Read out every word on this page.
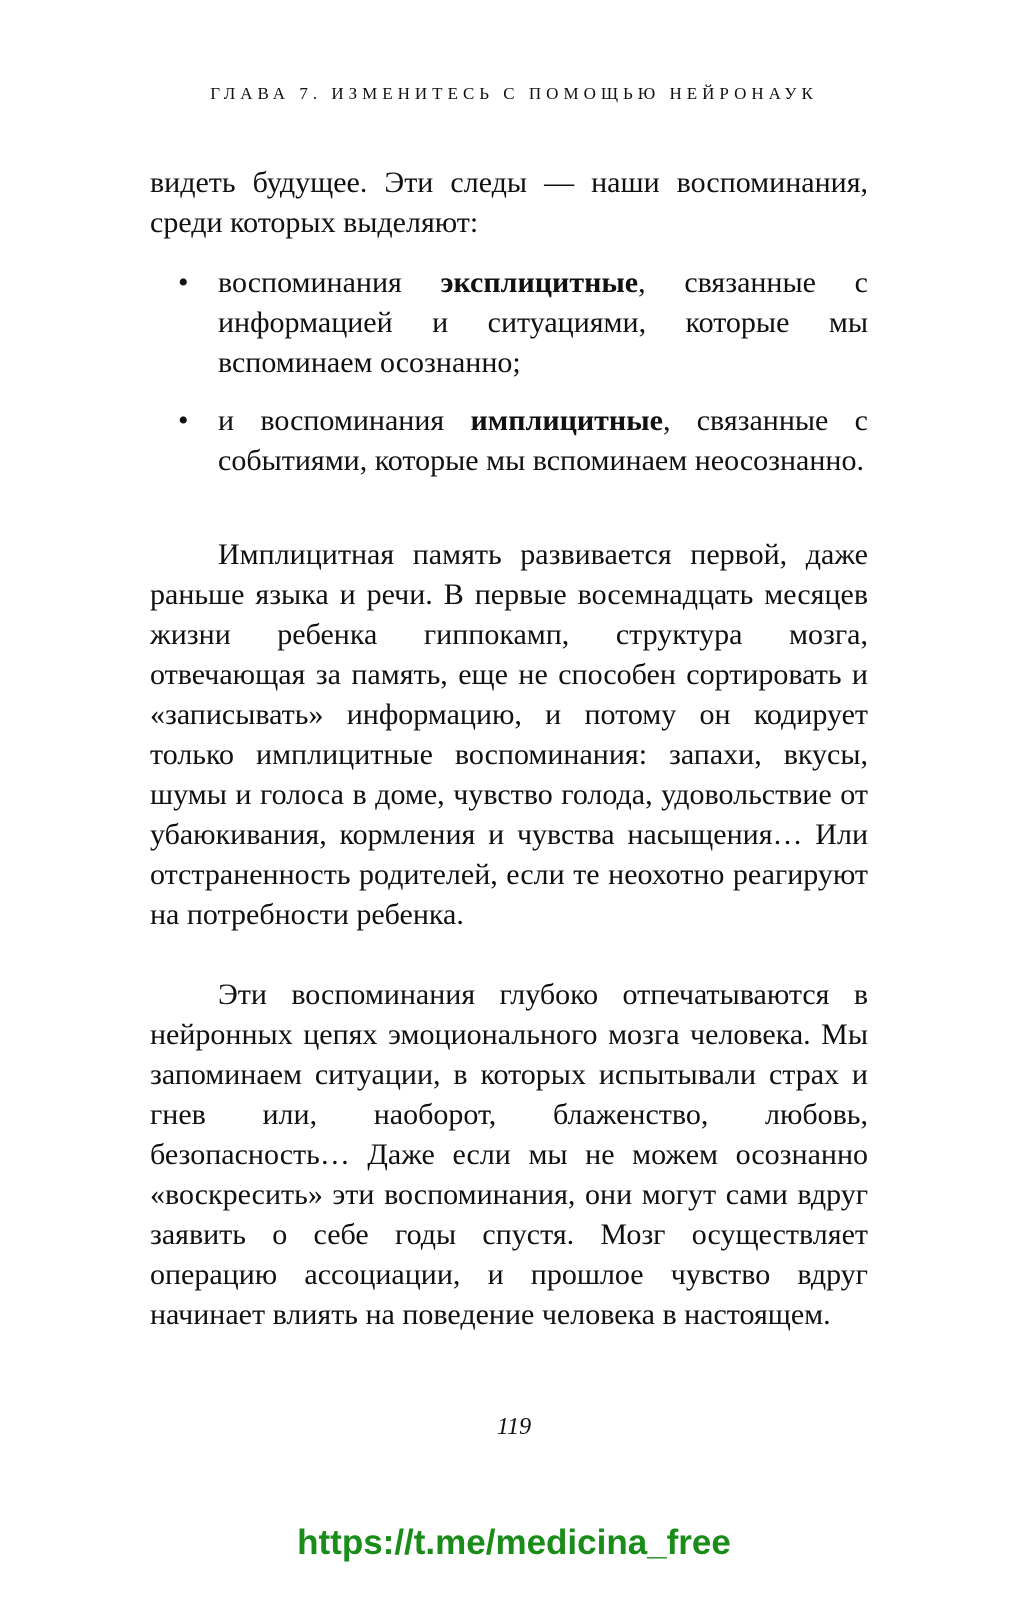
ГЛАВА 7. ИЗМЕНИТЕСЬ С ПОМОЩЬЮ НЕЙРОНАУК

видеть будущее. Эти следы — наши воспоминания, среди которых выделяют:

• воспоминания эксплицитные, связанные с информацией и ситуациями, которые мы вспоминаем осознанно;
• и воспоминания имплицитные, связанные с событиями, которые мы вспоминаем неосознанно.

Имплицитная память развивается первой, даже раньше языка и речи. В первые восемнадцать месяцев жизни ребенка гиппокамп, структура мозга, отвечающая за память, еще не способен сортировать и «записывать» информацию, и потому он кодирует только имплицитные воспоминания: запахи, вкусы, шумы и голоса в доме, чувство голода, удовольствие от убаюкивания, кормления и чувства насыщения… Или отстраненность родителей, если те неохотно реагируют на потребности ребенка.

Эти воспоминания глубоко отпечатываются в нейронных цепях эмоционального мозга человека. Мы запоминаем ситуации, в которых испытывали страх и гнев или, наоборот, блаженство, любовь, безопасность… Даже если мы не можем осознанно «воскресить» эти воспоминания, они могут сами вдруг заявить о себе годы спустя. Мозг осуществляет операцию ассоциации, и прошлое чувство вдруг начинает влиять на поведение человека в настоящем.

119
https://t.me/medicina_free
